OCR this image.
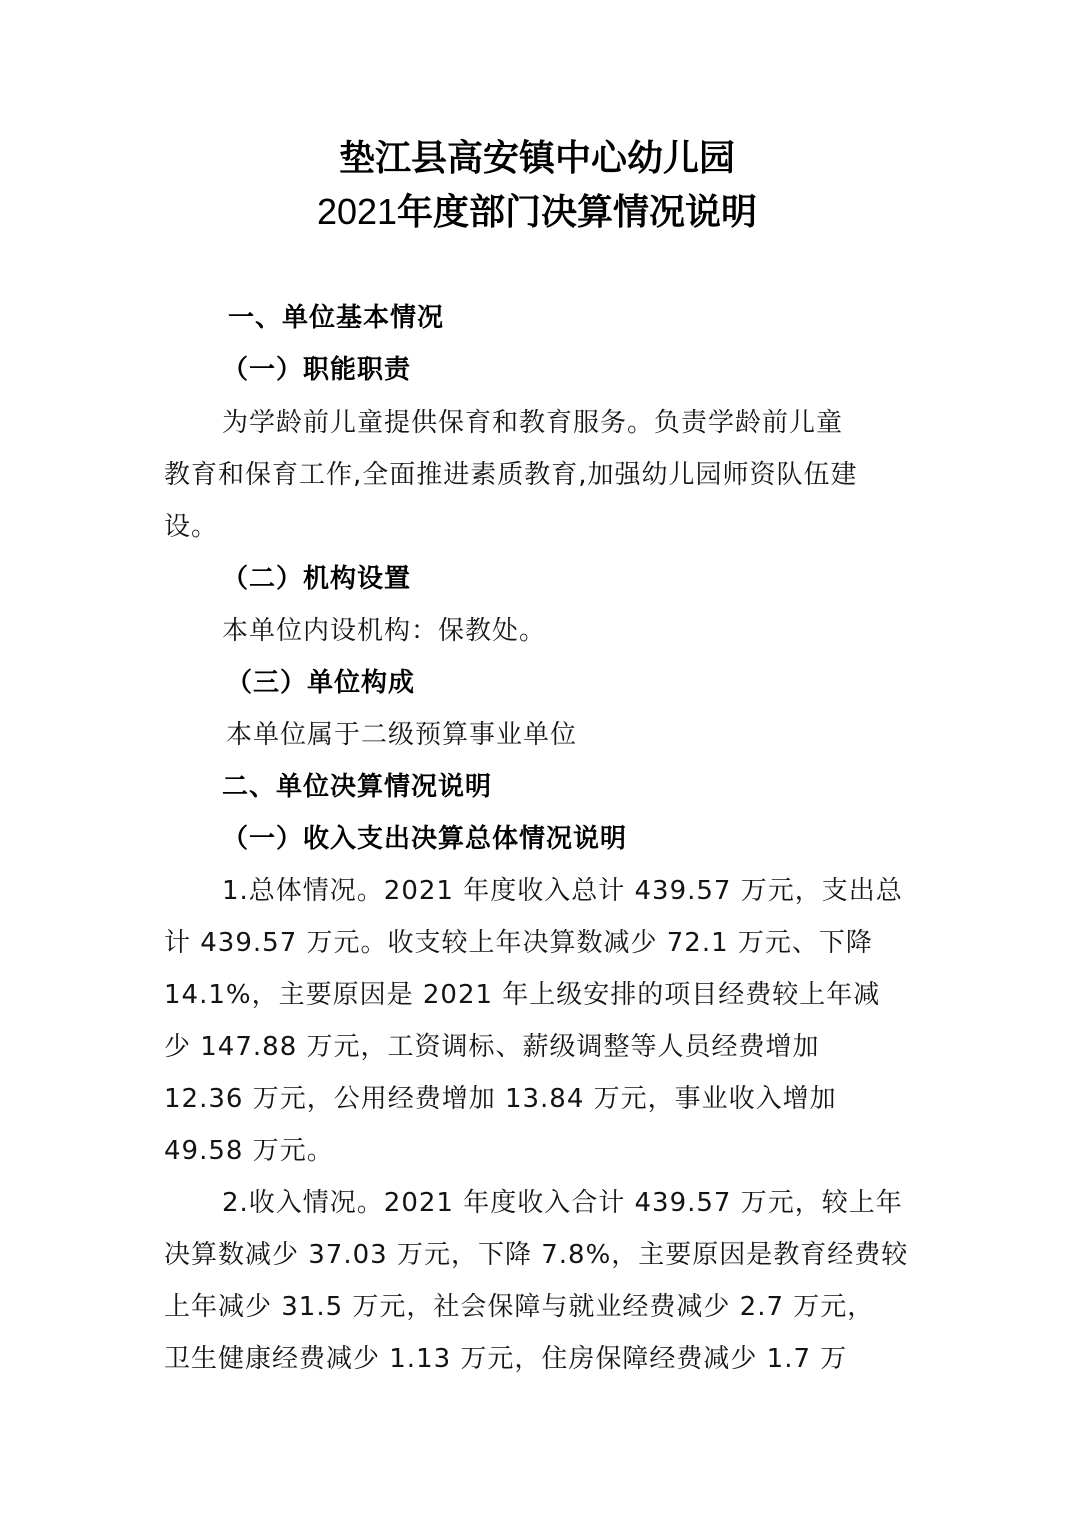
垫江县高安镇中心幼儿园
2021年度部门决算情况说明
一、单位基本情况
（一）职能职责
为学龄前儿童提供保育和教育服务。负责学龄前儿童
教育和保育工作,全面推进素质教育,加强幼儿园师资队伍建
设。
（二）机构设置
本单位内设机构：保教处。
（三）单位构成
本单位属于二级预算事业单位
二、单位决算情况说明
（一）收入支出决算总体情况说明
1.总体情况。2021 年度收入总计 439.57 万元，支出总
计 439.57 万元。收支较上年决算数减少 72.1 万元、下降
14.1%，主要原因是 2021 年上级安排的项目经费较上年减
少 147.88 万元，工资调标、薪级调整等人员经费增加
12.36 万元，公用经费增加 13.84 万元，事业收入增加
49.58 万元。
2.收入情况。2021 年度收入合计 439.57 万元，较上年
决算数减少 37.03 万元，下降 7.8%，主要原因是教育经费较
上年减少 31.5 万元，社会保障与就业经费减少 2.7 万元，
卫生健康经费减少 1.13 万元，住房保障经费减少 1.7 万
